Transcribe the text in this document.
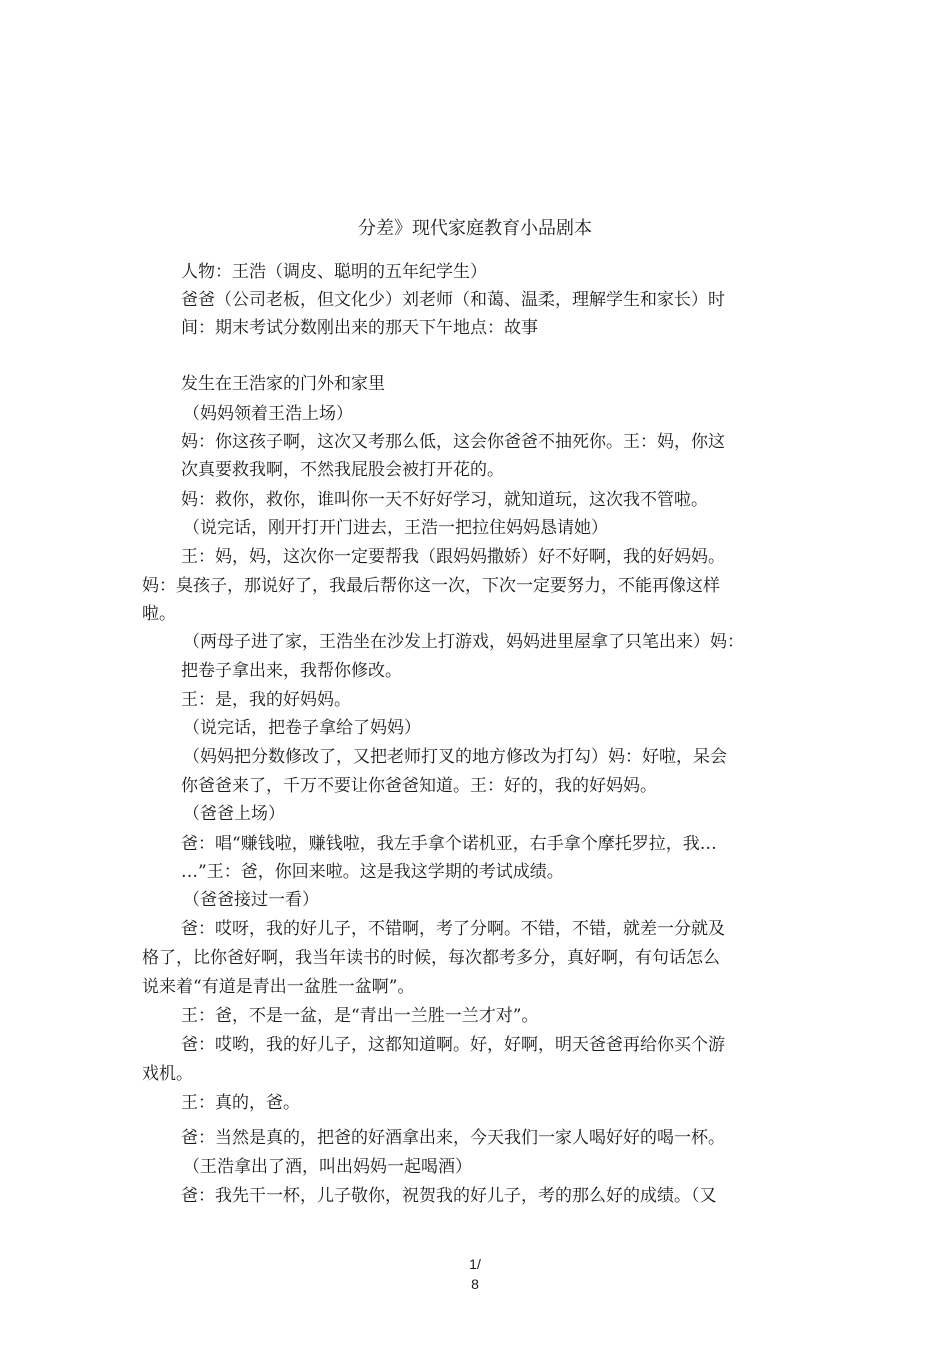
分差》现代家庭教育小品剧本
人物：王浩（调皮、聪明的五年纪学生）
爸爸（公司老板，但文化少）刘老师（和蔼、温柔，理解学生和家长）时
间：期末考试分数刚出来的那天下午地点：故事
发生在王浩家的门外和家里
（妈妈领着王浩上场）
妈：你这孩子啊，这次又考那么低，这会你爸爸不抽死你。王：妈，你这
次真要救我啊，不然我屁股会被打开花的。
妈：救你，救你，谁叫你一天不好好学习，就知道玩，这次我不管啦。
（说完话，刚开打开门进去，王浩一把拉住妈妈恳请她）
王：妈，妈，这次你一定要帮我（跟妈妈撒娇）好不好啊，我的好妈妈。
妈：臭孩子，那说好了，我最后帮你这一次，下次一定要努力，不能再像这样
啦。
（两母子进了家，王浩坐在沙发上打游戏，妈妈进里屋拿了只笔出来）妈：
把卷子拿出来，我帮你修改。
王：是，我的好妈妈。
（说完话，把卷子拿给了妈妈）
（妈妈把分数修改了，又把老师打叉的地方修改为打勾）妈：好啦，呆会
你爸爸来了，千万不要让你爸爸知道。王：好的，我的好妈妈。
（爸爸上场）
爸：唱“赚钱啦，赚钱啦，我左手拿个诺机亚，右手拿个摩托罗拉，我…
…”王：爸，你回来啦。这是我这学期的考试成绩。
（爸爸接过一看）
爸：哎呀，我的好儿子，不错啊，考了分啊。不错，不错，就差一分就及
格了，比你爸好啊，我当年读书的时候，每次都考多分，真好啊，有句话怎么
说来着“有道是青出一盆胜一盆啊”。
王：爸，不是一盆，是“青出一兰胜一兰才对”。
爸：哎哟，我的好儿子，这都知道啊。好，好啊，明天爸爸再给你买个游
戏机。
王：真的，爸。
爸：当然是真的，把爸的好酒拿出来，今天我们一家人喝好好的喝一杯。
（王浩拿出了酒，叫出妈妈一起喝酒）
爸：我先干一杯，儿子敬你，祝贺我的好儿子，考的那么好的成绩。（又
1/
8
